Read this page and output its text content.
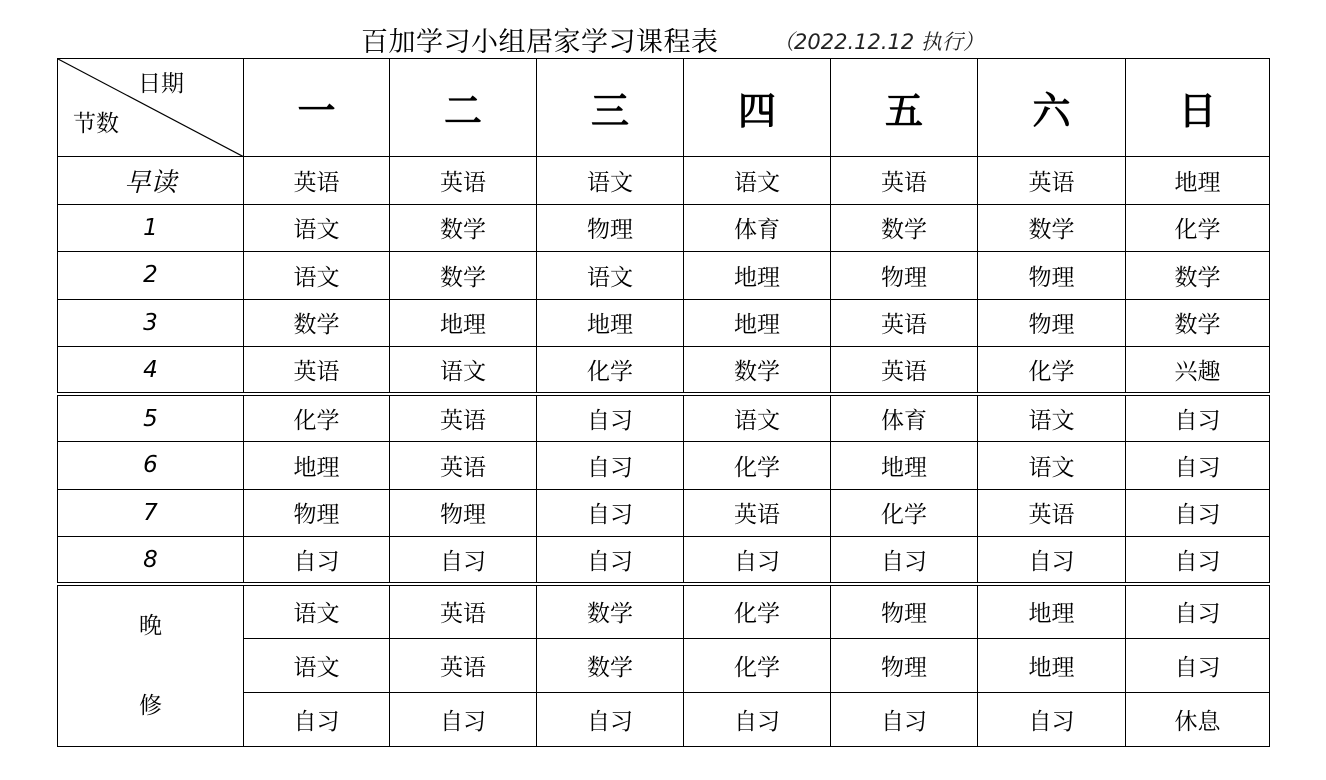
百加学习小组居家学习课程表	（2022.12.12 执行）
日期
节数	一	二	三	四	五	六	日
早读	英语	英语	语文	语文	英语	英语	地理
1	语文	数学	物理	体育	数学	数学	化学
2	语文	数学	语文	地理	物理	物理	数学
3	数学	地理	地理	地理	英语	物理	数学
4	英语	语文	化学	数学	英语	化学	兴趣
5	化学	英语	自习	语文	体育	语文	自习
6	地理	英语	自习	化学	地理	语文	自习
7	物理	物理	自习	英语	化学	英语	自习
8	自习	自习	自习	自习	自习	自习	自习

晚
修	语文	英语	数学	化学	物理	地理	自习
	语文	英语	数学	化学	物理	地理	自习
	自习	自习	自习	自习	自习	自习	休息
